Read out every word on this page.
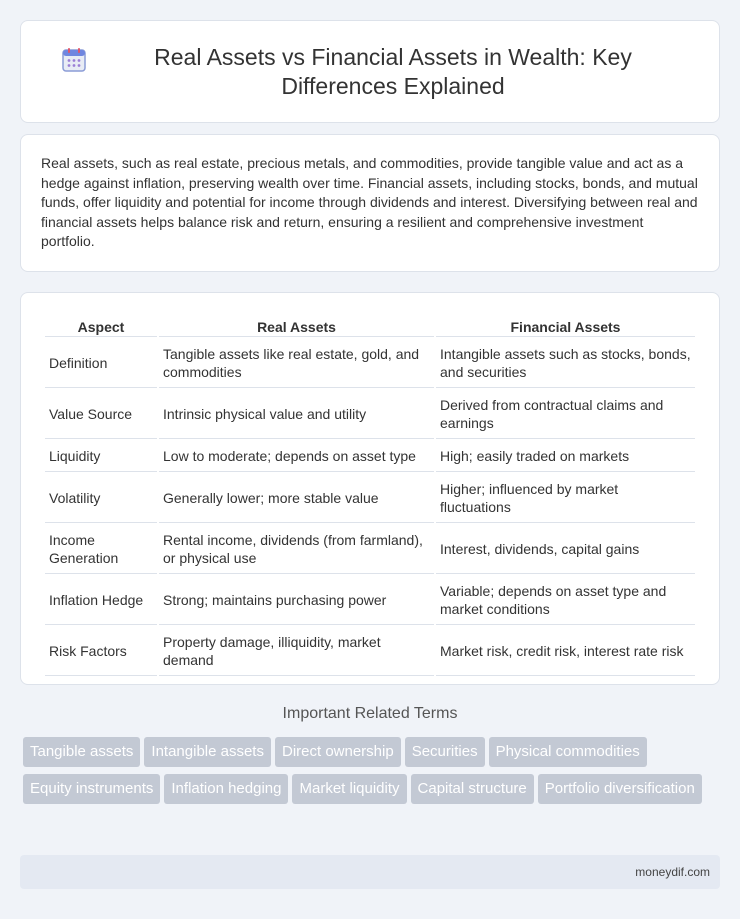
Real Assets vs Financial Assets in Wealth: Key Differences Explained

Real assets, such as real estate, precious metals, and commodities, provide tangible value and act as a hedge against inflation, preserving wealth over time. Financial assets, including stocks, bonds, and mutual funds, offer liquidity and potential for income through dividends and interest. Diversifying between real and financial assets helps balance risk and return, ensuring a resilient and comprehensive investment portfolio.

Aspect	Real Assets	Financial Assets
Definition	Tangible assets like real estate, gold, and commodities	Intangible assets such as stocks, bonds, and securities
Value Source	Intrinsic physical value and utility	Derived from contractual claims and earnings
Liquidity	Low to moderate; depends on asset type	High; easily traded on markets
Volatility	Generally lower; more stable value	Higher; influenced by market fluctuations
Income Generation	Rental income, dividends (from farmland), or physical use	Interest, dividends, capital gains
Inflation Hedge	Strong; maintains purchasing power	Variable; depends on asset type and market conditions
Risk Factors	Property damage, illiquidity, market demand	Market risk, credit risk, interest rate risk
Important Related Terms
Tangible assets	Intangible assets	Direct ownership	Securities	Physical commodities
Equity instruments	Inflation hedging	Market liquidity	Capital structure	Portfolio diversification
moneydif.com
